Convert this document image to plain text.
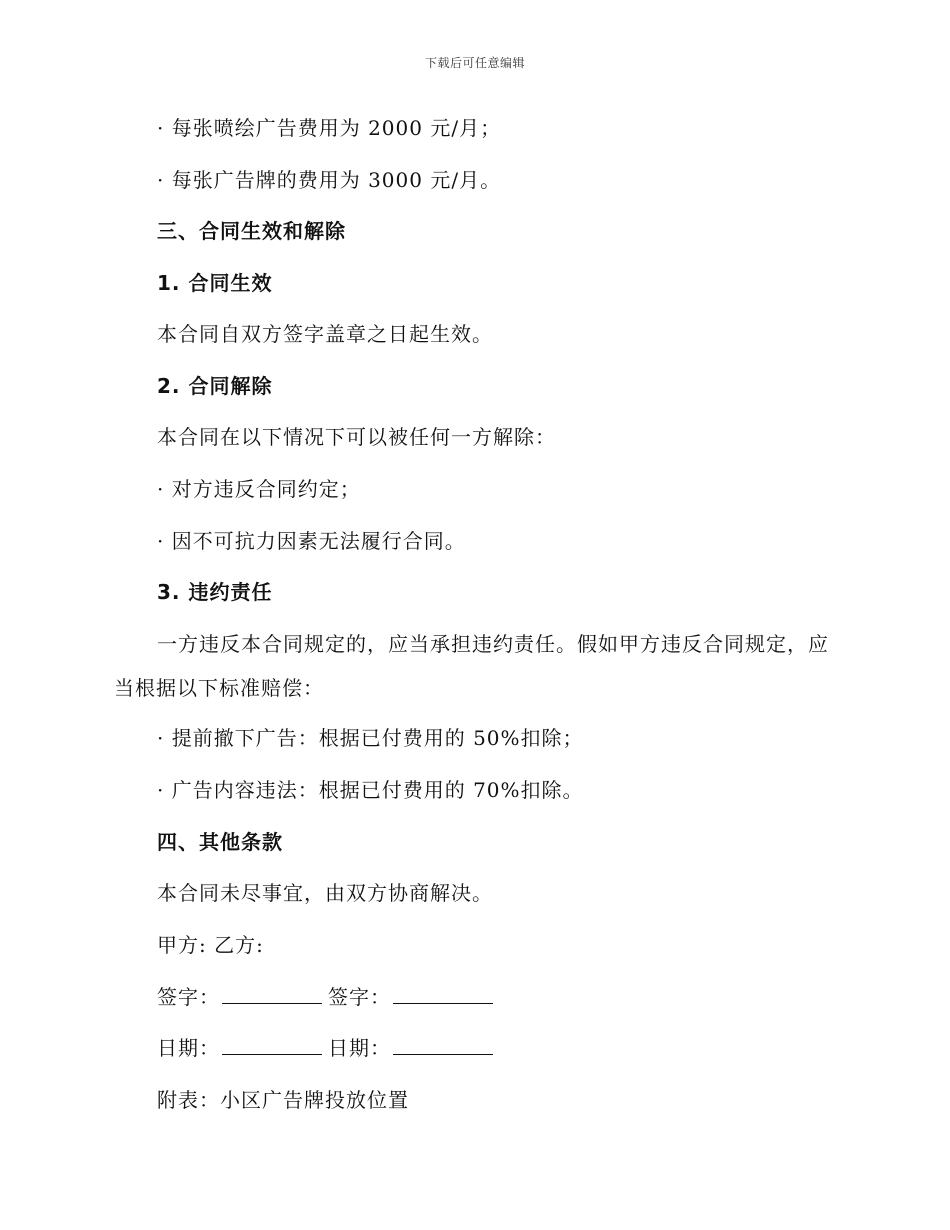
下载后可任意编辑
· 每张喷绘广告费用为 2000 元/月；
· 每张广告牌的费用为 3000 元/月。
三、合同生效和解除
1. 合同生效
本合同自双方签字盖章之日起生效。
2. 合同解除
本合同在以下情况下可以被任何一方解除：
· 对方违反合同约定；
· 因不可抗力因素无法履行合同。
3. 违约责任
一方违反本合同规定的，应当承担违约责任。假如甲方违反合同规定，应当根据以下标准赔偿：
· 提前撤下广告：根据已付费用的 50%扣除；
· 广告内容违法：根据已付费用的 70%扣除。
四、其他条款
本合同未尽事宜，由双方协商解决。
甲方: 乙方:
签字：	签字：
日期：	日期：
附表：小区广告牌投放位置
